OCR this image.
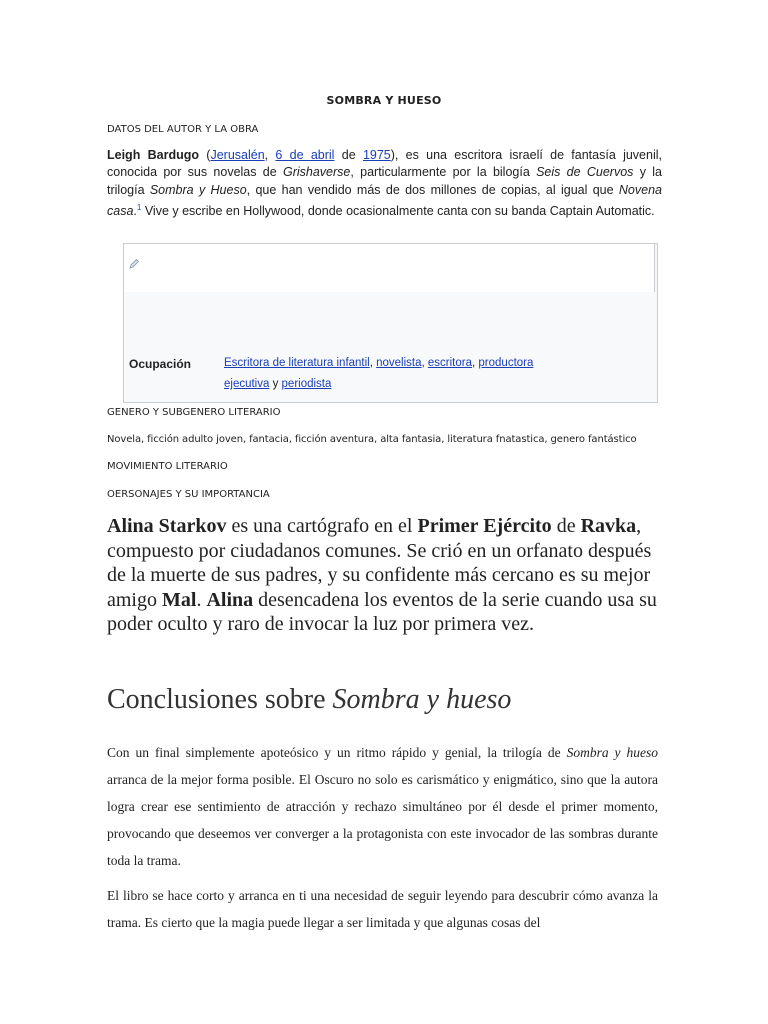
SOMBRA Y HUESO
DATOS DEL AUTOR Y LA OBRA
Leigh Bardugo (Jerusalén, 6 de abril de 1975), es una escritora israelí de fantasía juvenil, conocida por sus novelas de Grishaverse, particularmente por la bilogía Seis de Cuervos y la trilogía Sombra y Hueso, que han vendido más de dos millones de copias, al igual que Novena casa.$^1$ Vive y escribe en Hollywood, donde ocasionalmente canta con su banda Captain Automatic.
Ocupación	Escritora de literatura infantil, novelista, escritora, productora ejecutiva y periodista
GENERO Y SUBGENERO LITERARIO
Novela, ficción adulto joven, fantacia, ficción aventura, alta fantasia, literatura fnatastica, genero fantástico
MOVIMIENTO LITERARIO
OERSONAJES Y SU IMPORTANCIA
Alina Starkov es una cartógrafo en el Primer Ejército de Ravka, compuesto por ciudadanos comunes. Se crió en un orfanato después de la muerte de sus padres, y su confidente más cercano es su mejor amigo Mal. Alina desencadena los eventos de la serie cuando usa su poder oculto y raro de invocar la luz por primera vez.
Conclusiones sobre Sombra y hueso
Con un final simplemente apoteósico y un ritmo rápido y genial, la trilogía de Sombra y hueso arranca de la mejor forma posible. El Oscuro no solo es carismático y enigmático, sino que la autora logra crear ese sentimiento de atracción y rechazo simultáneo por él desde el primer momento, provocando que deseemos ver converger a la protagonista con este invocador de las sombras durante toda la trama.
El libro se hace corto y arranca en ti una necesidad de seguir leyendo para descubrir cómo avanza la trama. Es cierto que la magia puede llegar a ser limitada y que algunas cosas del
